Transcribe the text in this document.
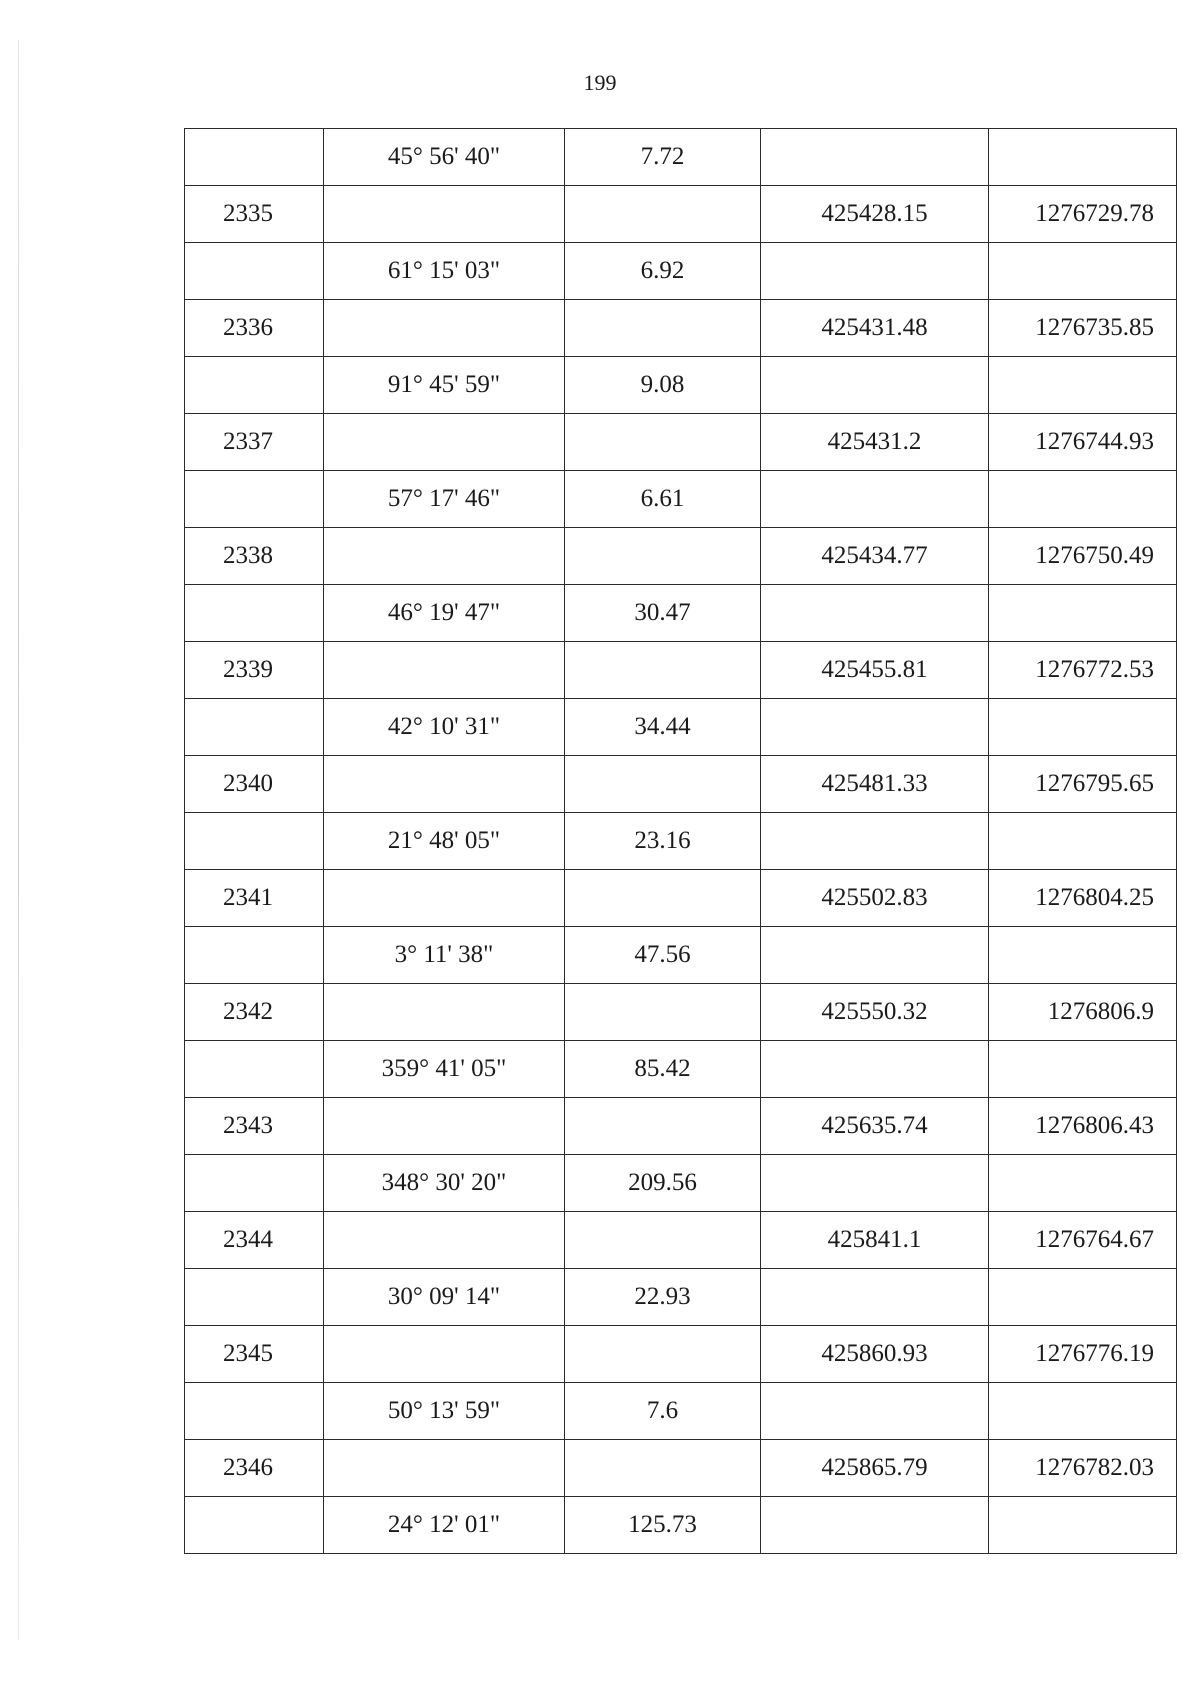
199
	45° 56' 40"	7.72		
2335			425428.15	1276729.78
	61° 15' 03"	6.92		
2336			425431.48	1276735.85
	91° 45' 59"	9.08		
2337			425431.2	1276744.93
	57° 17' 46"	6.61		
2338			425434.77	1276750.49
	46° 19' 47"	30.47		
2339			425455.81	1276772.53
	42° 10' 31"	34.44		
2340			425481.33	1276795.65
	21° 48' 05"	23.16		
2341			425502.83	1276804.25
	3° 11' 38"	47.56		
2342			425550.32	1276806.9
	359° 41' 05"	85.42		
2343			425635.74	1276806.43
	348° 30' 20"	209.56		
2344			425841.1	1276764.67
	30° 09' 14"	22.93		
2345			425860.93	1276776.19
	50° 13' 59"	7.6		
2346			425865.79	1276782.03
	24° 12' 01"	125.73		
